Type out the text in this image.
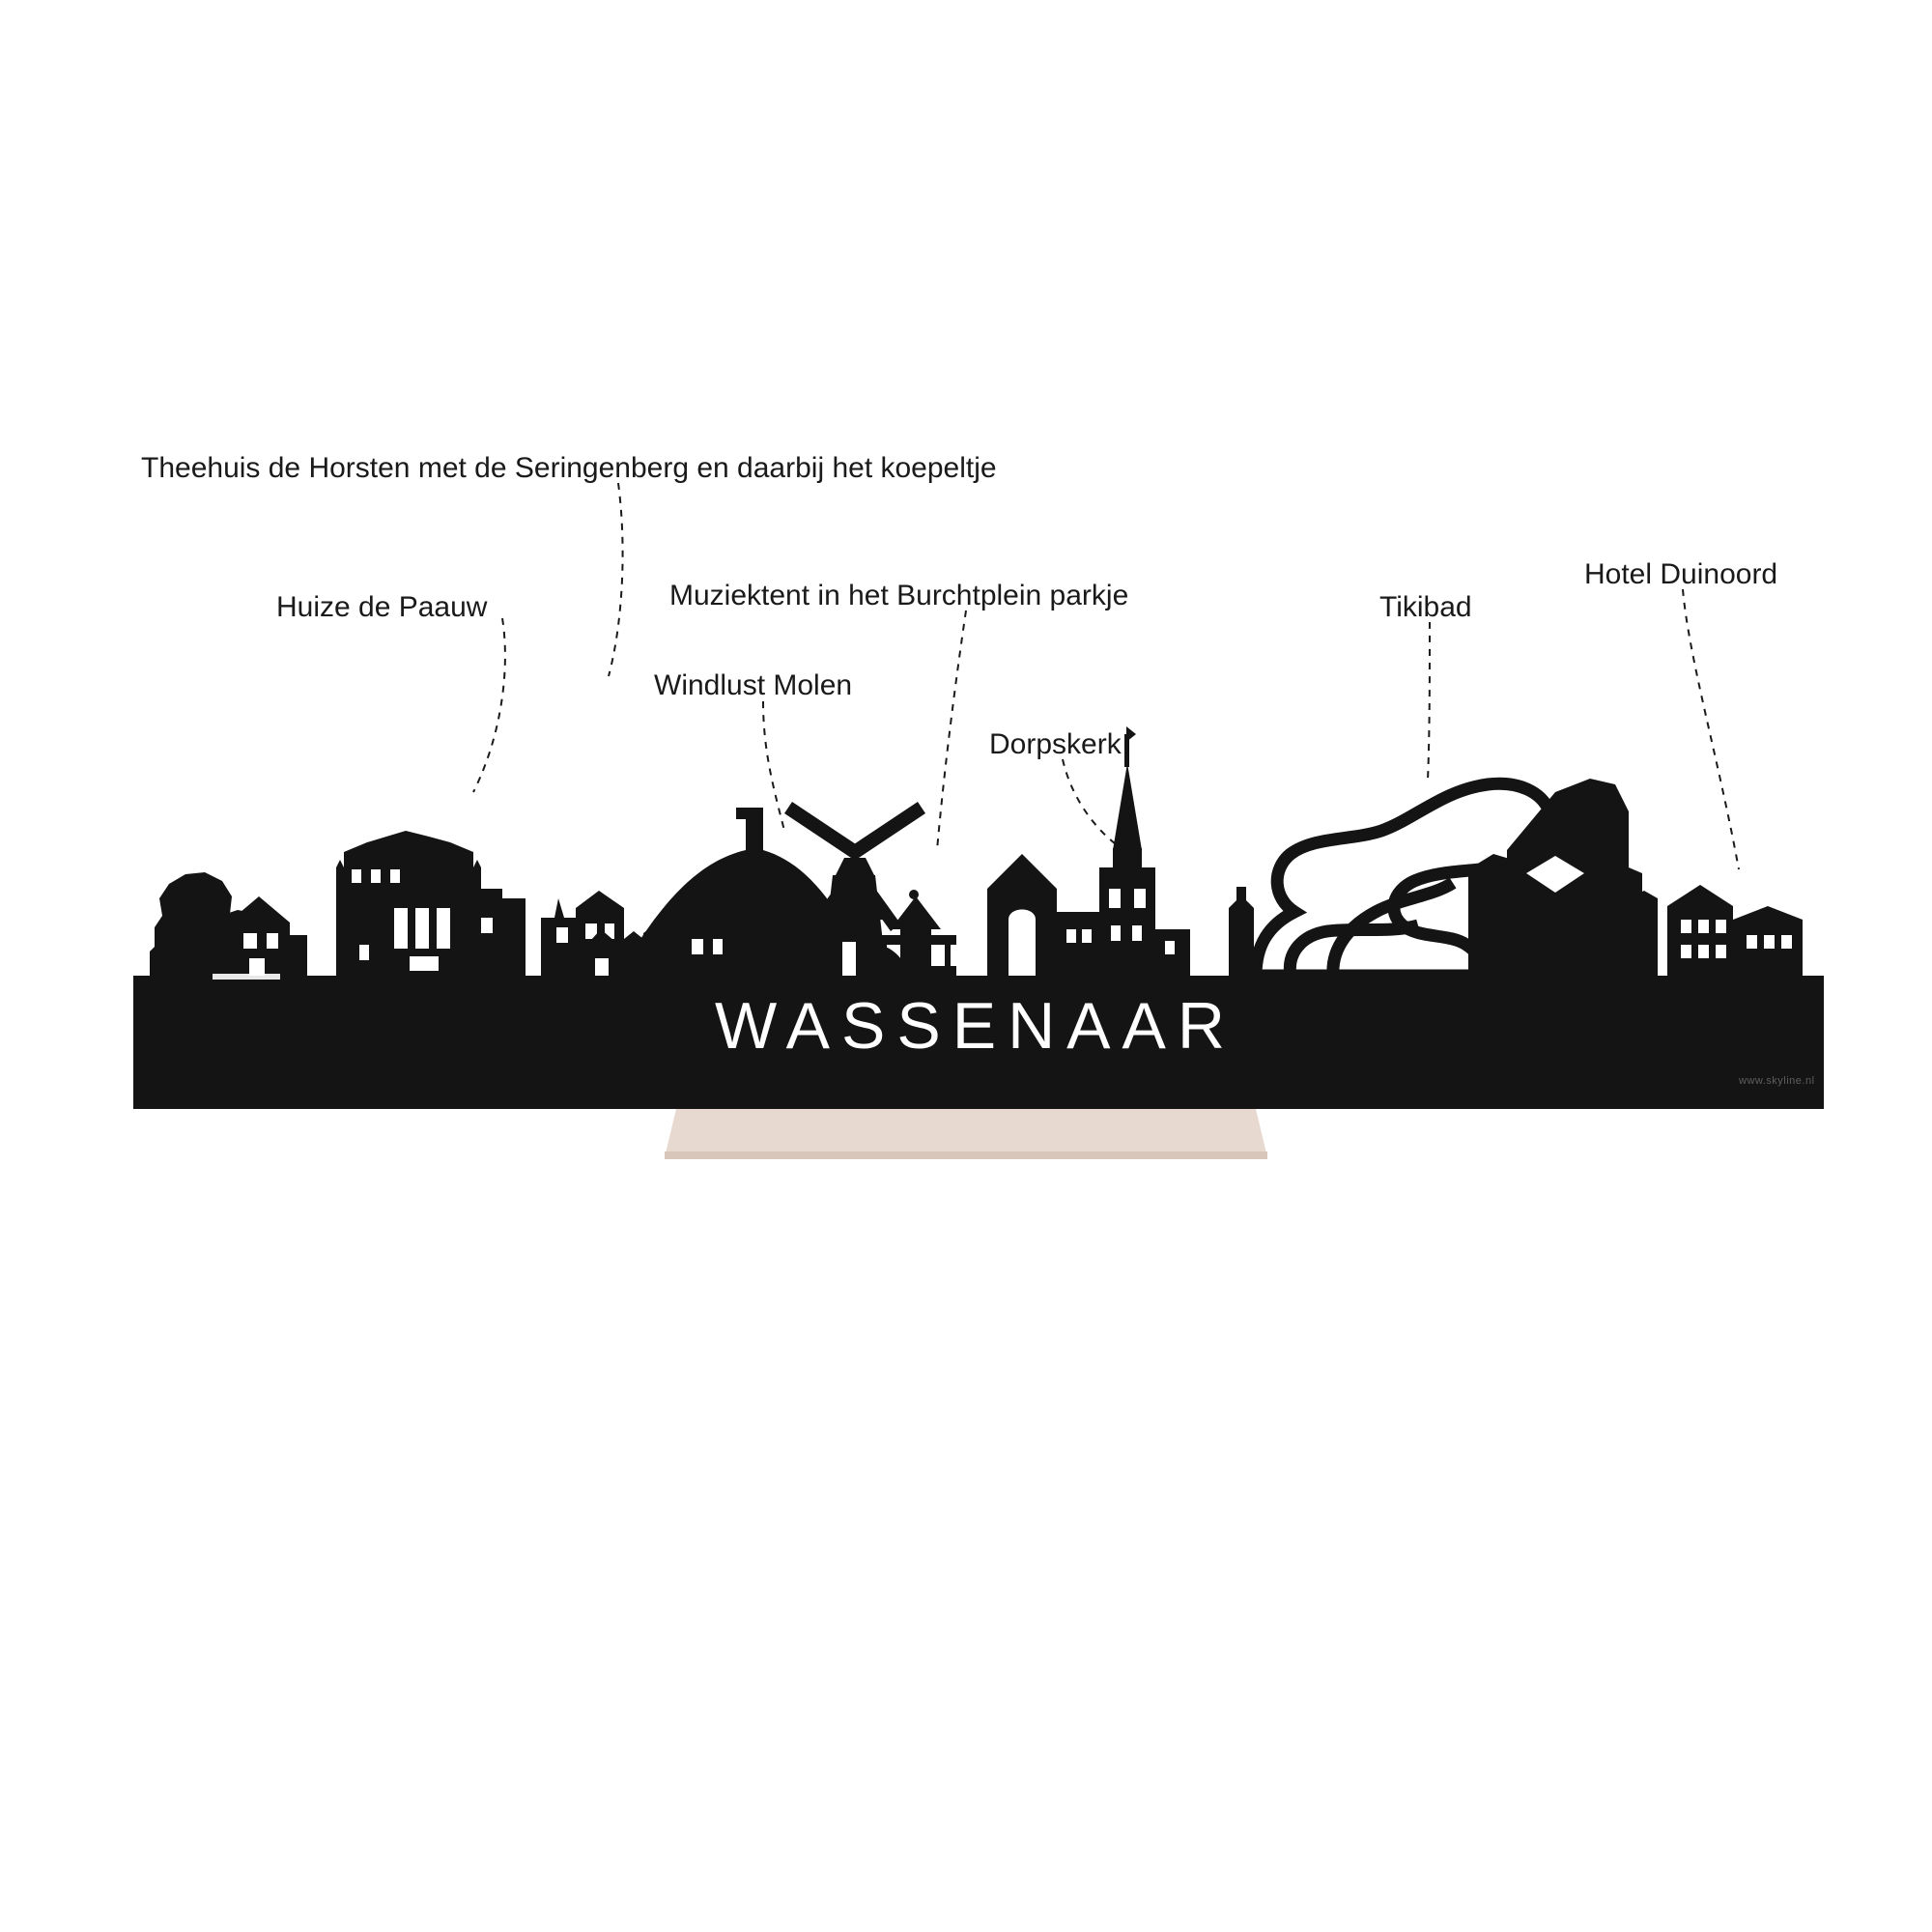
WASSENAAR
Theehuis de Horsten met de Seringenberg en daarbij het koepeltje
Huize de Paauw	Muziektent in het Burchtplein parkje
Windlust Molen
Dorpskerk
Tikibad
Hotel Duinoord
www.skyline.nl
